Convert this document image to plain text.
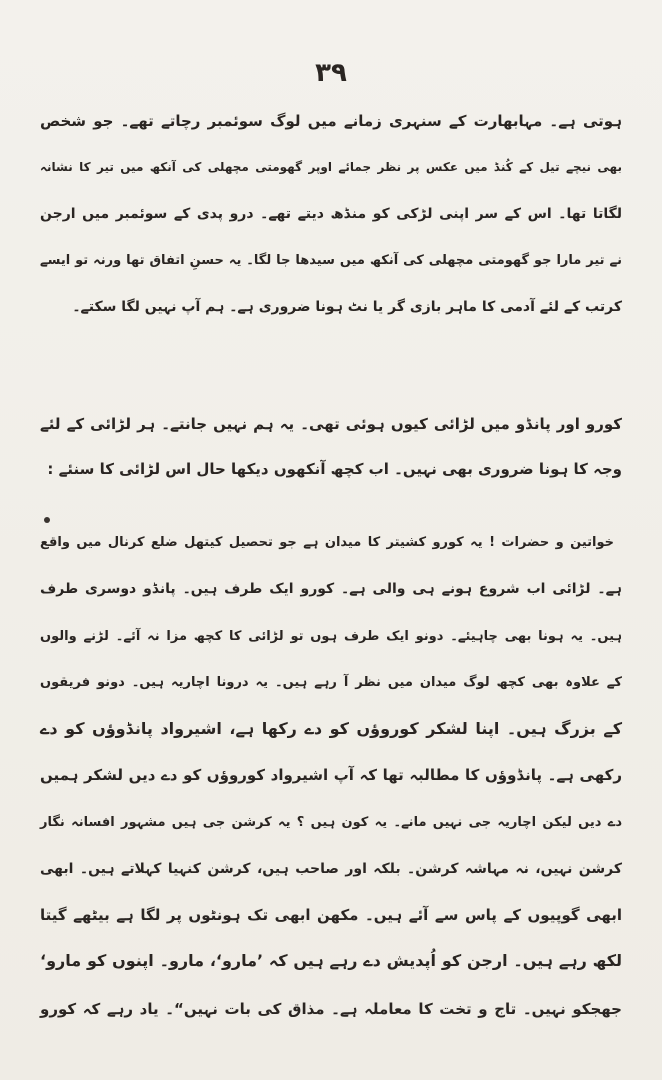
۳۹
ہوتی ہے۔ مہابھارت کے سنہری زمانے میں لوگ سوئمبر رچاتے تھے۔ جو شخص
بھی نیچے تیل کے کُنڈ میں عکس پر نظر جمائے اوپر گھومتی مچھلی کی آنکھ میں تیر کا نشانہ
لگاتا تھا۔ اس کے سر اپنی لڑکی کو منڈھ دیتے تھے۔ درو پدی کے سوئمبر میں ارجن
نے تیر مارا جو گھومتی مچھلی کی آنکھ میں سیدھا جا لگا۔ یہ حسنِ اتفاق تھا ورنہ تو ایسے
کرتب کے لئے آدمی کا ماہر بازی گر یا نٹ ہونا ضروری ہے۔ ہم آپ نہیں لگا سکتے۔
کورو اور پانڈو میں لڑائی کیوں ہوئی تھی۔ یہ ہم نہیں جانتے۔ ہر لڑائی کے لئے
وجہ کا ہونا ضروری بھی نہیں۔ اب کچھ آنکھوں دیکھا حال اس لڑائی کا سنئے :
خواتین و حضرات ! یہ کورو کشیتر کا میدان ہے جو تحصیل کیتھل ضلع کرنال میں واقع
ہے۔ لڑائی اب شروع ہونے ہی والی ہے۔ کورو ایک طرف ہیں۔ پانڈو دوسری طرف
ہیں۔ یہ ہونا بھی چاہیئے۔ دونو ایک طرف ہوں تو لڑائی کا کچھ مزا نہ آئے۔ لڑنے والوں
کے علاوہ بھی کچھ لوگ میدان میں نظر آ رہے ہیں۔ یہ درونا اچاریہ ہیں۔ دونو فریقوں
کے بزرگ ہیں۔ اپنا لشکر کوروؤں کو دے رکھا ہے، اشیرواد پانڈوؤں کو دے
رکھی ہے۔ پانڈوؤں کا مطالبہ تھا کہ آپ اشیرواد کوروؤں کو دے دیں لشکر ہمیں
دے دیں لیکن اچاریہ جی نہیں مانے۔ یہ کون ہیں ؟ یہ کرشن جی ہیں مشہور افسانہ نگار
کرشن نہیں، نہ مہاشہ کرشن۔ بلکہ اور صاحب ہیں، کرشن کنہیا کہلاتے ہیں۔ ابھی
ابھی گوپیوں کے پاس سے آئے ہیں۔ مکھن ابھی تک ہونٹوں پر لگا ہے بیٹھے گیتا
لکھ رہے ہیں۔ ارجن کو اُپدیش دے رہے ہیں کہ ’مارو‘، مارو۔ اپنوں کو مارو‘
جھجکو نہیں۔ تاج و تخت کا معاملہ ہے۔ مذاق کی بات نہیں“۔ یاد رہے کہ کورو
